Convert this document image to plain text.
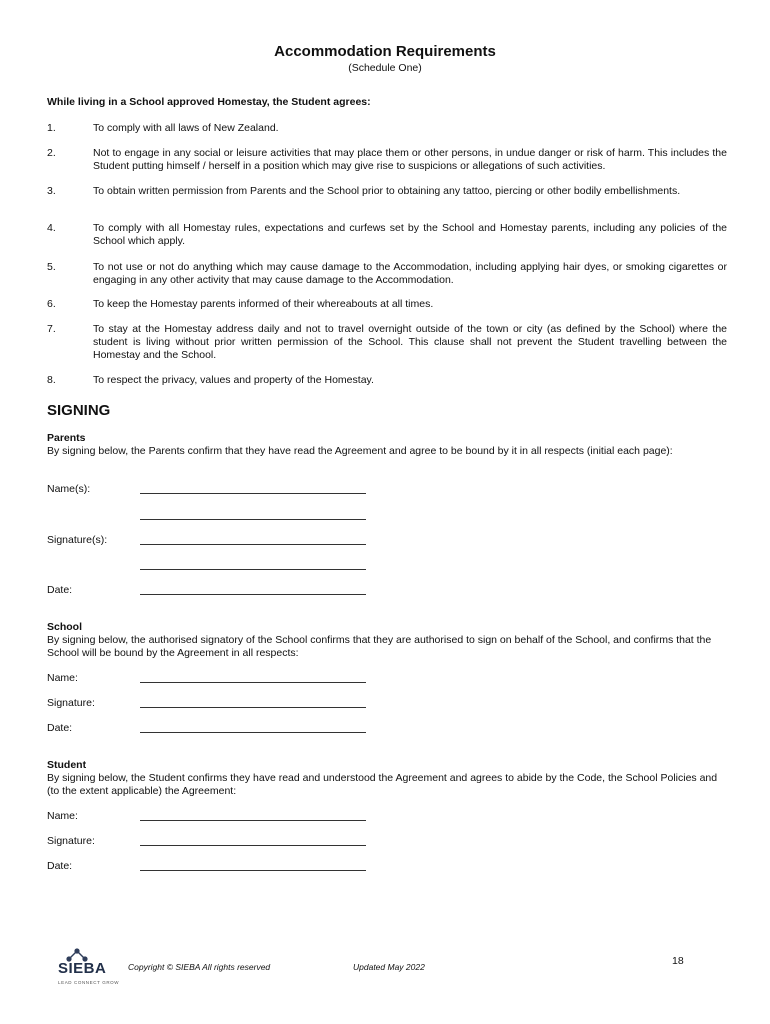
Accommodation Requirements
(Schedule One)
While living in a School approved Homestay, the Student agrees:
1.	To comply with all laws of New Zealand.
2.	Not to engage in any social or leisure activities that may place them or other persons, in undue danger or risk of harm. This includes the Student putting himself / herself in a position which may give rise to suspicions or allegations of such activities.
3.	To obtain written permission from Parents and the School prior to obtaining any tattoo, piercing or other bodily embellishments.
4.	To comply with all Homestay rules, expectations and curfews set by the School and Homestay parents, including any policies of the School which apply.
5.	To not use or not do anything which may cause damage to the Accommodation, including applying hair dyes, or smoking cigarettes or engaging in any other activity that may cause damage to the Accommodation.
6.	To keep the Homestay parents informed of their whereabouts at all times.
7.	To stay at the Homestay address daily and not to travel overnight outside of the town or city (as defined by the School) where the student is living without prior written permission of the School. This clause shall not prevent the Student travelling between the Homestay and the School.
8.	To respect the privacy, values and property of the Homestay.
SIGNING
Parents
By signing below, the Parents confirm that they have read the Agreement and agree to be bound by it in all respects (initial each page):
Name(s):
Signature(s):
Date:
School
By signing below, the authorised signatory of the School confirms that they are authorised to sign on behalf of the School, and confirms that the School will be bound by the Agreement in all respects:
Name:
Signature:
Date:
Student
By signing below, the Student confirms they have read and understood the Agreement and agrees to abide by the Code, the School Policies and (to the extent applicable) the Agreement:
Name:
Signature:
Date:
SIEBA
LEAD CONNECT GROW
Copyright © SIEBA All rights reserved	Updated May 2022	18
